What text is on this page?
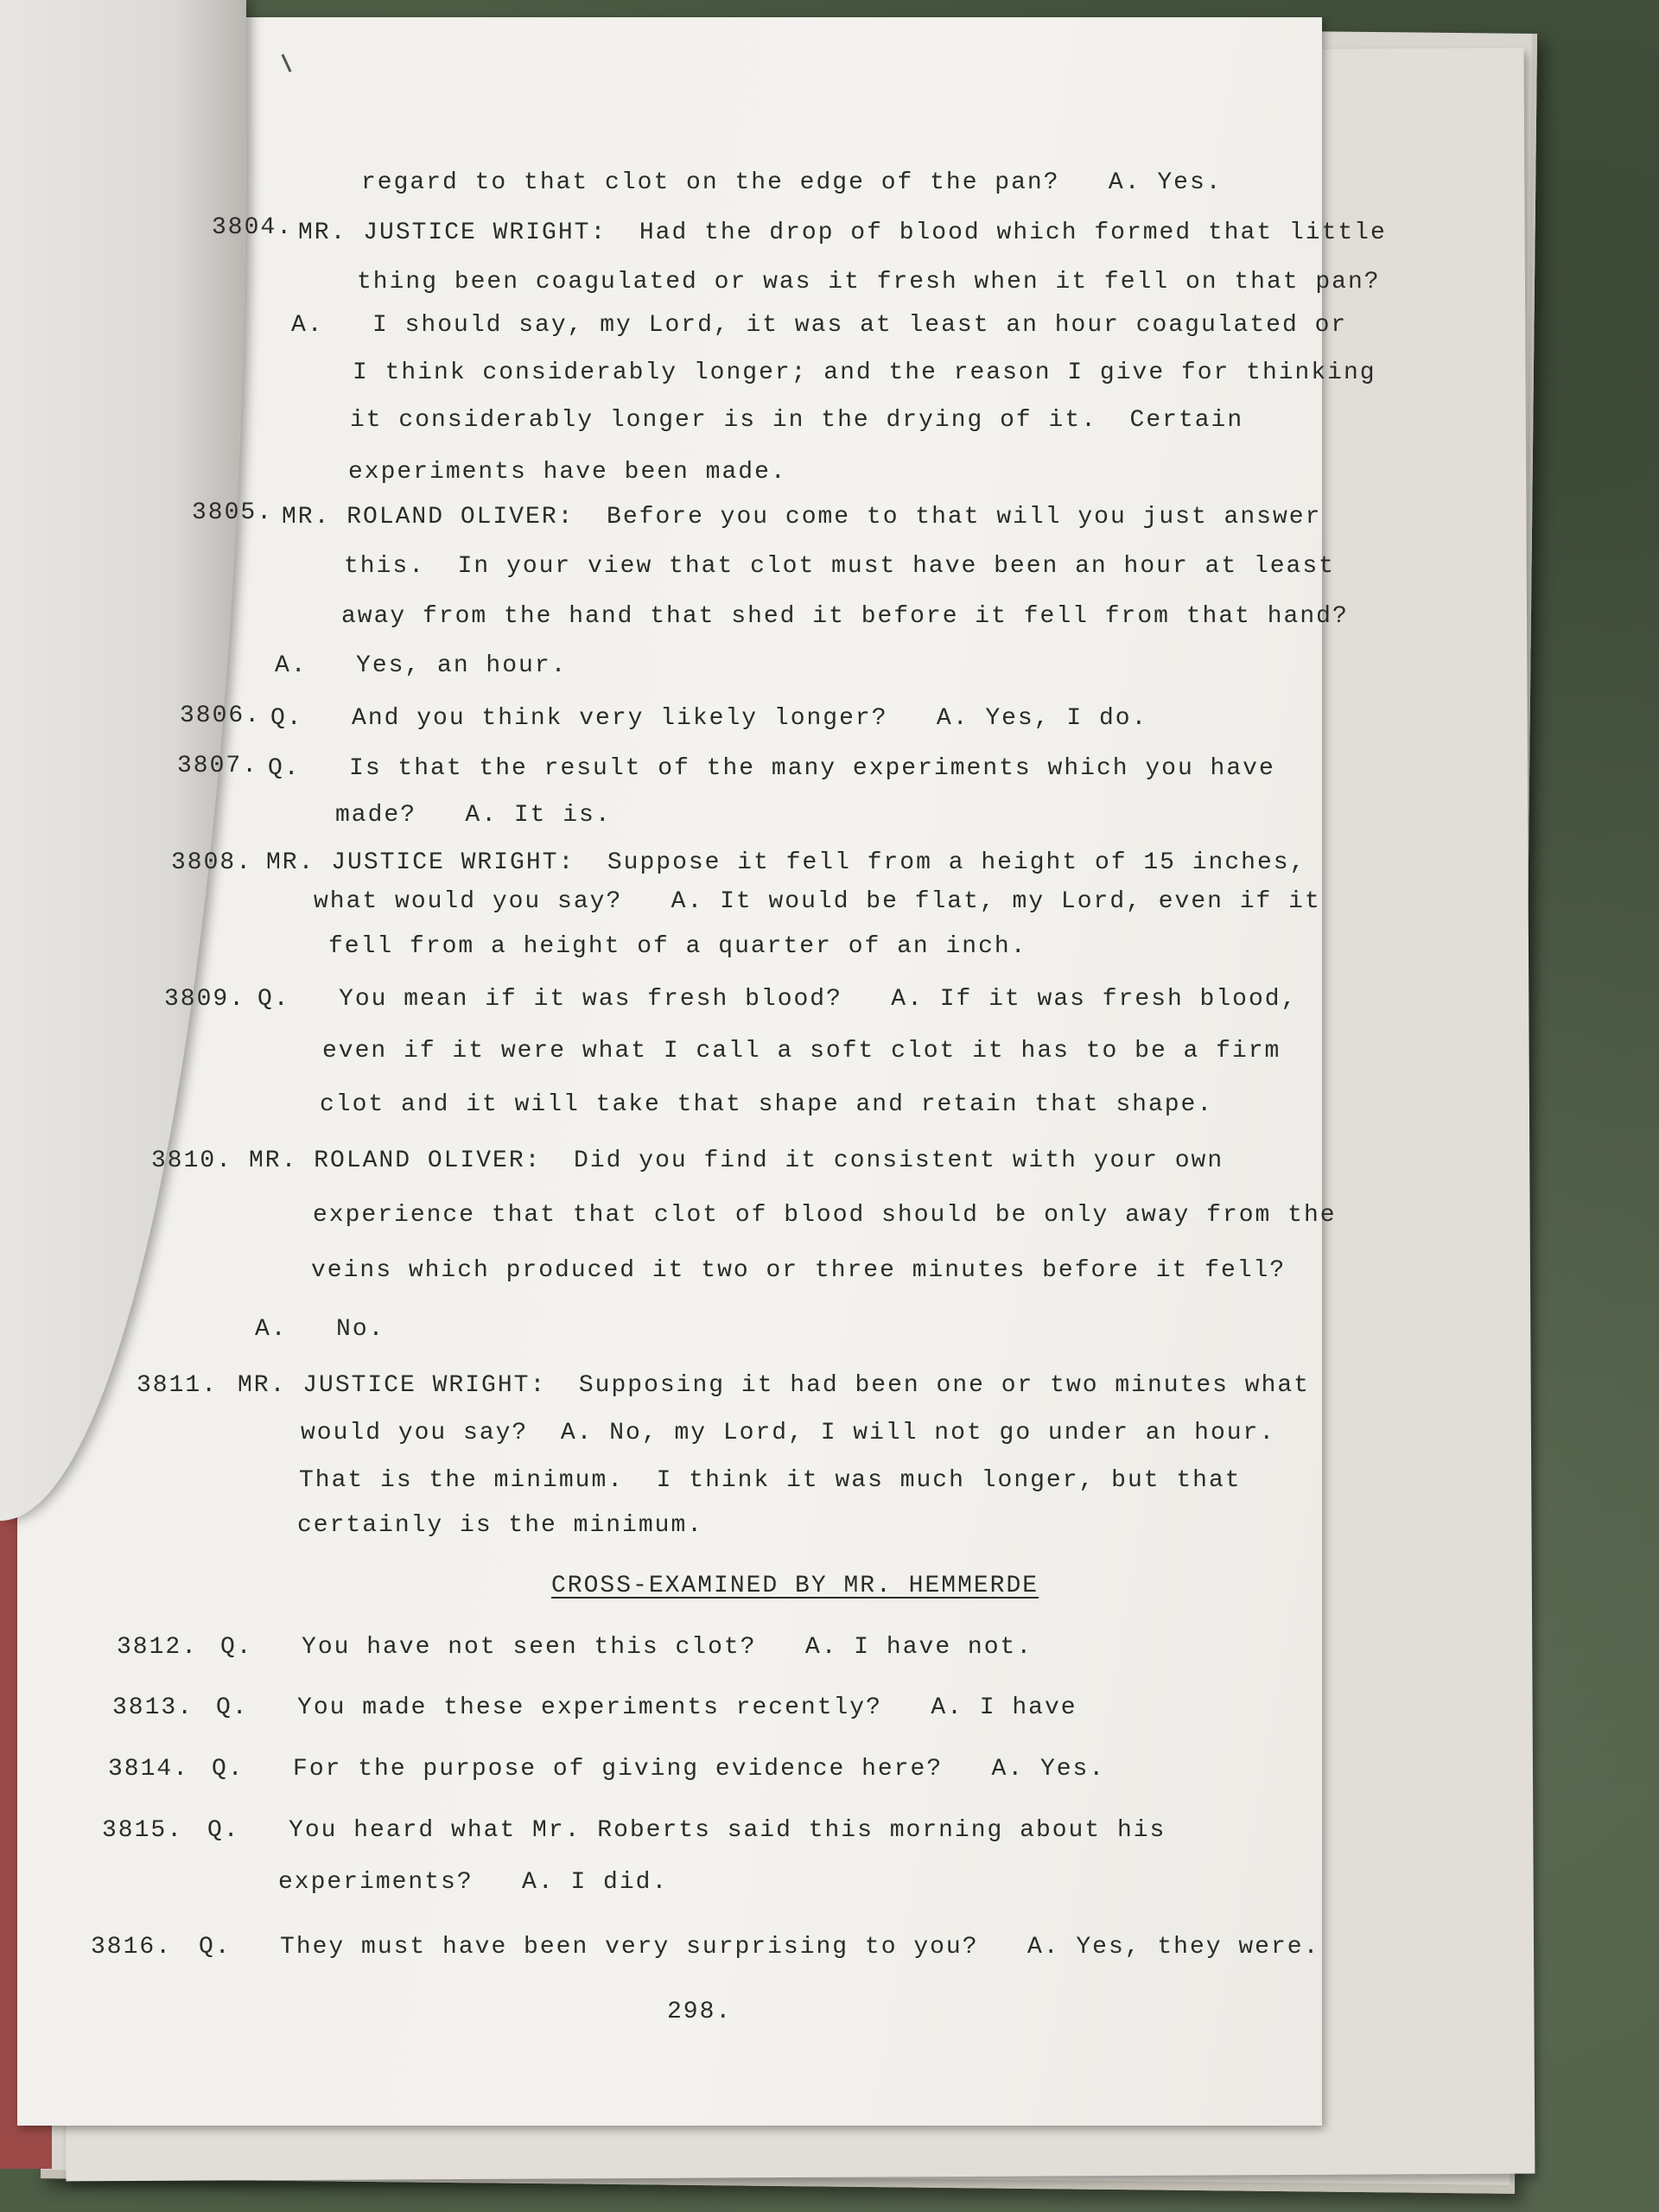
regard to that clot on the edge of the pan?   A. Yes.
3804. MR. JUSTICE WRIGHT:  Had the drop of blood which formed that little
thing been coagulated or was it fresh when it fell on that pan?
A.   I should say, my Lord, it was at least an hour coagulated or
I think considerably longer; and the reason I give for thinking
it considerably longer is in the drying of it.  Certain
experiments have been made.
3805. MR. ROLAND OLIVER:  Before you come to that will you just answer
this.  In your view that clot must have been an hour at least
away from the hand that shed it before it fell from that hand?
A.   Yes, an hour.
3806. Q.   And you think very likely longer?   A. Yes, I do.
3807. Q.   Is that the result of the many experiments which you have
made?   A. It is.
3808. MR. JUSTICE WRIGHT:  Suppose it fell from a height of 15 inches,
what would you say?   A. It would be flat, my Lord, even if it
fell from a height of a quarter of an inch.
3809. Q.   You mean if it was fresh blood?   A. If it was fresh blood,
even if it were what I call a soft clot it has to be a firm
clot and it will take that shape and retain that shape.
3810. MR. ROLAND OLIVER:  Did you find it consistent with your own
experience that that clot of blood should be only away from the
veins which produced it two or three minutes before it fell?
A.   No.
3811. MR. JUSTICE WRIGHT:  Supposing it had been one or two minutes what
would you say?  A. No, my Lord, I will not go under an hour.
That is the minimum.  I think it was much longer, but that
certainly is the minimum.
CROSS-EXAMINED BY MR. HEMMERDE
3812. Q.   You have not seen this clot?   A. I have not.
3813. Q.   You made these experiments recently?   A. I have
3814. Q.   For the purpose of giving evidence here?   A. Yes.
3815. Q.   You heard what Mr. Roberts said this morning about his
experiments?   A. I did.
3816. Q.   They must have been very surprising to you?   A. Yes, they were.
298.
